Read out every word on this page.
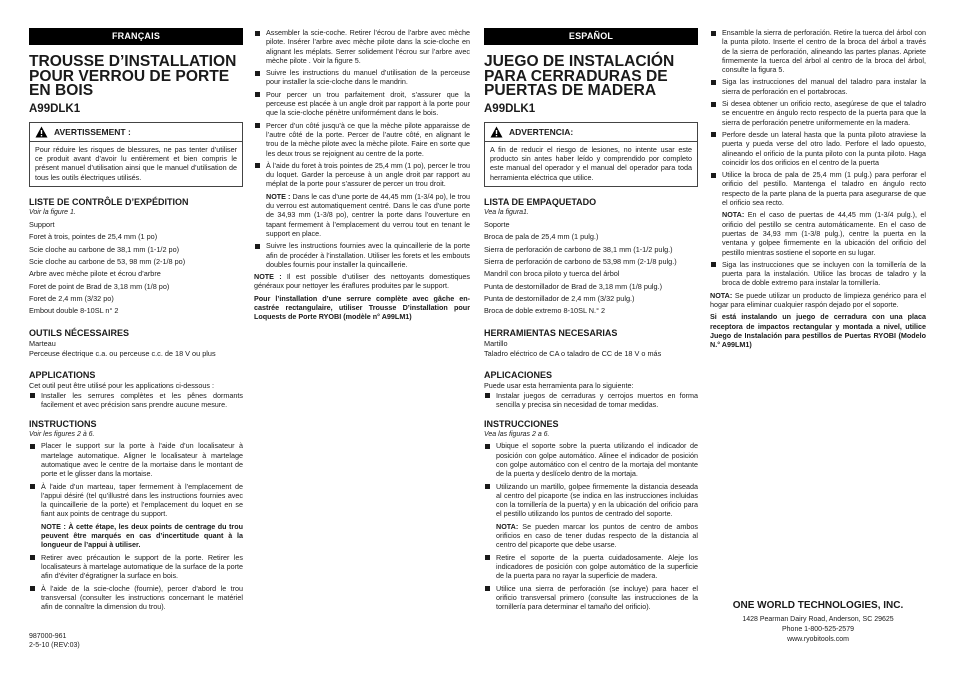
FRANÇAIS
TROUSSE D’INSTALLATION POUR VERROU DE PORTE EN BOIS
A99DLK1
AVERTISSEMENT :
Pour réduire les risques de blessures, ne pas tenter d’utiliser ce produit avant d’avoir lu entièrement et bien compris le présent manuel d’utilisation ainsi que le manuel d’utilisation de tous les outils électriques utilisés.
LISTE DE CONTRÔLE D’EXPÉDITION
Voir la figure 1.

Support

Foret à trois, pointes de 25,4 mm (1 po)

Scie cloche au carbone de 38,1 mm (1-1/2 po)

Scie cloche au carbone de 53, 98 mm (2-1/8 po)

Arbre avec mèche pilote et écrou d’arbre

Foret de point de Brad de 3,18 mm (1/8 po)

Foret de 2,4 mm (3/32 po)

Embout double 8-10SL n° 2

OUTILS NÉCESSAIRES

Marteau

Perceuse électrique c.a. ou perceuse c.c. de 18 V ou plus

APPLICATIONS

Cet outil peut être utilisé pour les applications ci-dessous :

Installer les serrures complètes et les pênes dormants facilement et avec précision sans prendre aucune mesure.
INSTRUCTIONS
Voir les figures 2 à 6.
Placer le support sur la porte à l’aide d’un localisateur à martelage automatique. Aligner le localisateur à martelage automatique avec le centre de la mortaise dans le montant de porte et le glisser dans la mortaise.
À l’aide d’un marteau, taper fermement à l’emplacement de l’appui désiré (tel qu’illustré dans les instructions fournies avec la quincaillerie de la porte) et l’emplacement du loquet en se fiant aux points de centrage du support.

NOTE : À cette étape, les deux points de centrage du trou peuvent être marqués en cas d’incertitude quant à la longueur de l’appui à utiliser.

Retirer avec précaution le support de la porte. Retirer les localisateurs à martelage automatique de la surface de la porte afin d’éviter d’égratigner la surface en bois.
À l’aide de la scie-cloche (fournie), percer d’abord le trou transversal (consulter les instructions concernant le matériel afin de connaître la dimension du trou).
Assembler la scie-coche. Retirer l’écrou de l’arbre avec mèche pilote. Insérer l’arbre avec mèche pilote dans la scie-cloche en alignant les méplats. Serrer solidement l’écrou sur l’arbre avec mèche pilote . Voir la figure 5.
Suivre les instructions du manuel d’utilisation de la perceuse pour installer la scie-cloche dans le mandrin.
Pour percer un trou parfaitement droit, s’assurer que la perceuse est placée à un angle droit par rapport à la porte pour que la scie-cloche pénètre uniformément dans le bois.
Percer d’un côté jusqu’à ce que la mèche pilote apparaisse de l’autre côté de la porte. Percer de l’autre côté, en alignant le trou de la mèche pilote avec la mèche pilote. Faire en sorte que les deux trous se rejoignent au centre de la porte.
À l’aide du foret à trois pointes de 25,4 mm (1 po), percer le trou du loquet. Garder la perceuse à un angle droit par rapport au méplat de la porte pour s’assurer de percer un trou droit.

NOTE : Dans le cas d’une porte de 44,45 mm (1-3/4 po), le trou du verrou est automatiquement centré. Dans le cas d’une porte de 34,93 mm (1-3/8 po), centrer la porte dans l’ouverture en tapant fermement à l’emplacement du verrou tout en tenant le support en place.

Suivre les instructions fournies avec la quincaillerie de la porte afin de procéder à l’installation. Utiliser les forets et les embouts doubles fournis pour installer la quincaillerie.

NOTE : Il est possible d’utiliser des nettoyants domestiques généraux pour nettoyer les éraflures produites par le support.

Pour l’installation d’une serrure complète avec gâche en-castrée rectangulaire, utiliser Trousse D’installation pour Loquests de Porte RYOBI (modèle n° A99LM1)

ESPAÑOL
JUEGO DE INSTALACIÓN PARA CERRADURAS DE PUERTAS DE MADERA
A99DLK1
ADVERTENCIA:
A fin de reducir el riesgo de lesiones, no intente usar este producto sin antes haber leído y comprendido por completo este manual del operador y el manual del operador para toda herramienta eléctrica que utilice.
LISTA DE EMPAQUETADO
Vea la figura1.

Soporte

Broca de pala de 25,4 mm (1 pulg.)

Sierra de perforación de carbono de 38,1 mm (1-1/2 pulg.)

Sierra de perforación de carbono de 53,98 mm (2-1/8 pulg.)

Mandril con broca piloto y tuerca del árbol

Punta de destornillador de Brad de 3,18 mm (1/8 pulg.)

Punta de destornillador de 2,4 mm (3/32 pulg.)

Broca de doble extremo 8-10SL N.° 2

HERRAMIENTAS NECESARIAS

Martillo

Taladro eléctrico de CA o taladro de CC de 18 V o más

APLICACIONES

Puede usar esta herramienta para lo siguiente:

Instalar juegos de cerraduras y cerrojos muertos en forma sencilla y precisa sin necesidad de tomar medidas.
INSTRUCCIONES
Vea las figuras 2 a 6.
Ubique el soporte sobre la puerta utilizando el indicador de posición con golpe automático. Alinee el indicador de posición con golpe automático con el centro de la mortaja del montante de la puerta y deslícelo dentro de la mortaja.
Utilizando un martillo, golpee firmemente la distancia deseada al centro del picaporte (se indica en las instrucciones incluidas con la tornillería de la puerta) y en la ubicación del orificio para el pestillo utilizando los puntos de centrado del soporte.

NOTA: Se pueden marcar los puntos de centro de ambos orificios en caso de tener dudas respecto de la distancia al centro del picaporte que debe usarse.

Retire el soporte de la puerta cuidadosamente. Aleje los indicadores de posición con golpe automático de la superficie de la puerta para no rayar la superficie de madera.
Utilice una sierra de perforación (se incluye) para hacer el orificio transversal primero (consulte las instrucciones de la tornillería para determinar el tamaño del orificio).
Ensamble la sierra de perforación. Retire la tuerca del árbol con la punta piloto. Inserte el centro de la broca del árbol a través de la sierra de perforación, alineando las partes planas. Apriete firmemente la tuerca del árbol al centro de la broca del árbol, consulte la figura 5.
Siga las instrucciones del manual del taladro para instalar la sierra de perforación en el portabrocas.
Si desea obtener un orificio recto, asegúrese de que el taladro se encuentre en ángulo recto respecto de la puerta para que la sierra de perforación penetre uniformemente en la madera.
Perfore desde un lateral hasta que la punta piloto atraviese la puerta y pueda verse del otro lado. Perfore el lado opuesto, alineando el orificio de la punta piloto con la punta piloto. Haga coincidir los dos orificios en el centro de la puerta
Utilice la broca de pala de 25,4 mm (1 pulg.) para perforar el orificio del pestillo. Mantenga el taladro en ángulo recto respecto de la parte plana de la puerta para asegurarse de que el orificio sea recto.

NOTA: En el caso de puertas de 44,45 mm (1-3/4 pulg.), el orificio del pestillo se centra automáticamente. En el caso de puertas de 34,93 mm (1-3/8 pulg.), centre la puerta en la ventana y golpee firmemente en la ubicación del orificio del pestillo mientras sostiene el soporte en su lugar.

Siga las instrucciones que se incluyen con la tornillería de la puerta para la instalación. Utilice las brocas de taladro y la broca de doble extremo para instalar la tornillería.

NOTA: Se puede utilizar un producto de limpieza genérico para el hogar para eliminar cualquier raspón dejado por el soporte.

Si está instalando un juego de cerradura con una placa receptora de impactos rectangular y montada a nivel, utilice Juego de Instalación para pestillos de Puertas RYOBI (Modelo N.° A99LM1)

987000-961
2-5-10 (REV:03)
ONE WORLD TECHNOLOGIES, INC.
1428 Pearman Dairy Road, Anderson, SC 29625
Phone 1-800-525-2579
www.ryobitools.com
